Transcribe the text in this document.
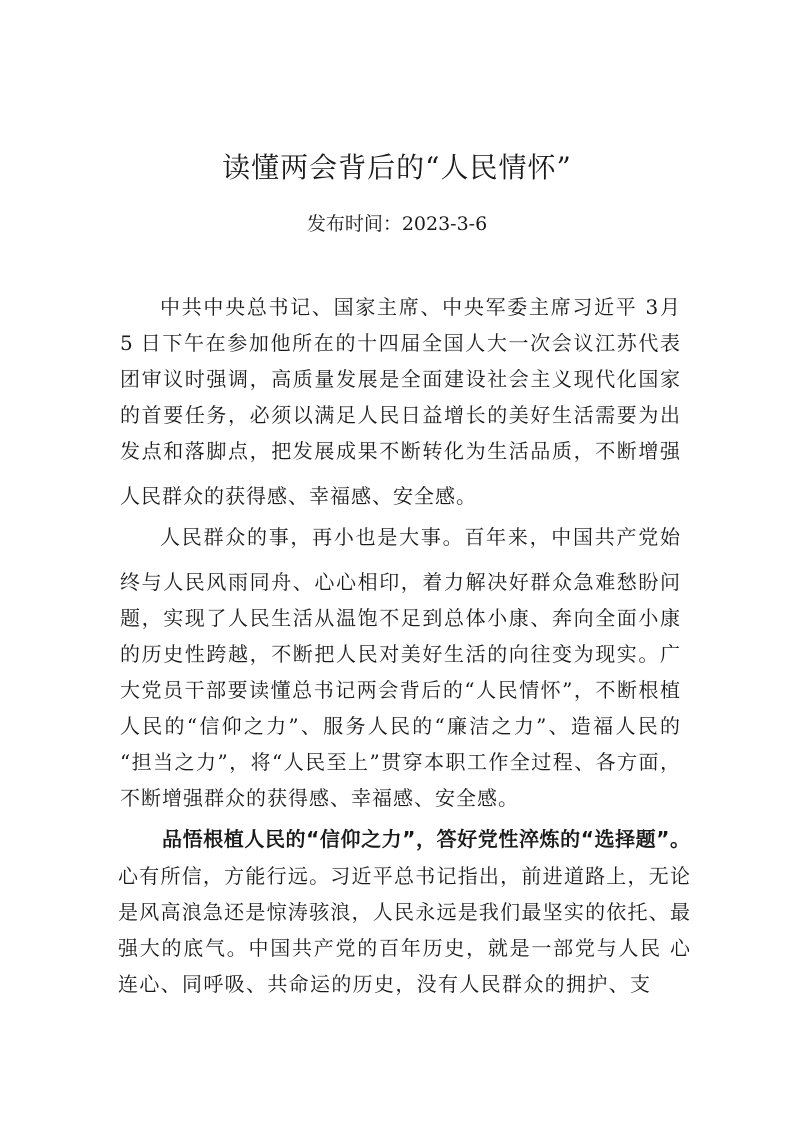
读懂两会背后的“人民情怀”
发布时间：2023-3-6
中共中央总书记、国家主席、中央军委主席习近平 3月
5 日下午在参加他所在的十四届全国人大一次会议江苏代表
团审议时强调，高质量发展是全面建设社会主义现代化国家
的首要任务，必须以满足人民日益增长的美好生活需要为出
发点和落脚点，把发展成果不断转化为生活品质，不断增强
人民群众的获得感、幸福感、安全感。
人民群众的事，再小也是大事。百年来，中国共产党始
终与人民风雨同舟、心心相印，着力解决好群众急难愁盼问
题，实现了人民生活从温饱不足到总体小康、奔向全面小康
的历史性跨越，不断把人民对美好生活的向往变为现实。广
大党员干部要读懂总书记两会背后的“人民情怀”，不断根植
人民的“信仰之力”、服务人民的“廉洁之力”、造福人民的
“担当之力”，将“人民至上”贯穿本职工作全过程、各方面，
不断增强群众的获得感、幸福感、安全感。
品悟根植人民的“信仰之力”，答好党性淬炼的“选择题”。
心有所信，方能行远。习近平总书记指出，前进道路上，无论
是风高浪急还是惊涛骇浪，人民永远是我们最坚实的依托、最
强大的底气。中国共产党的百年历史，就是一部党与人民 心
连心、同呼吸、共命运的历史，没有人民群众的拥护、支
